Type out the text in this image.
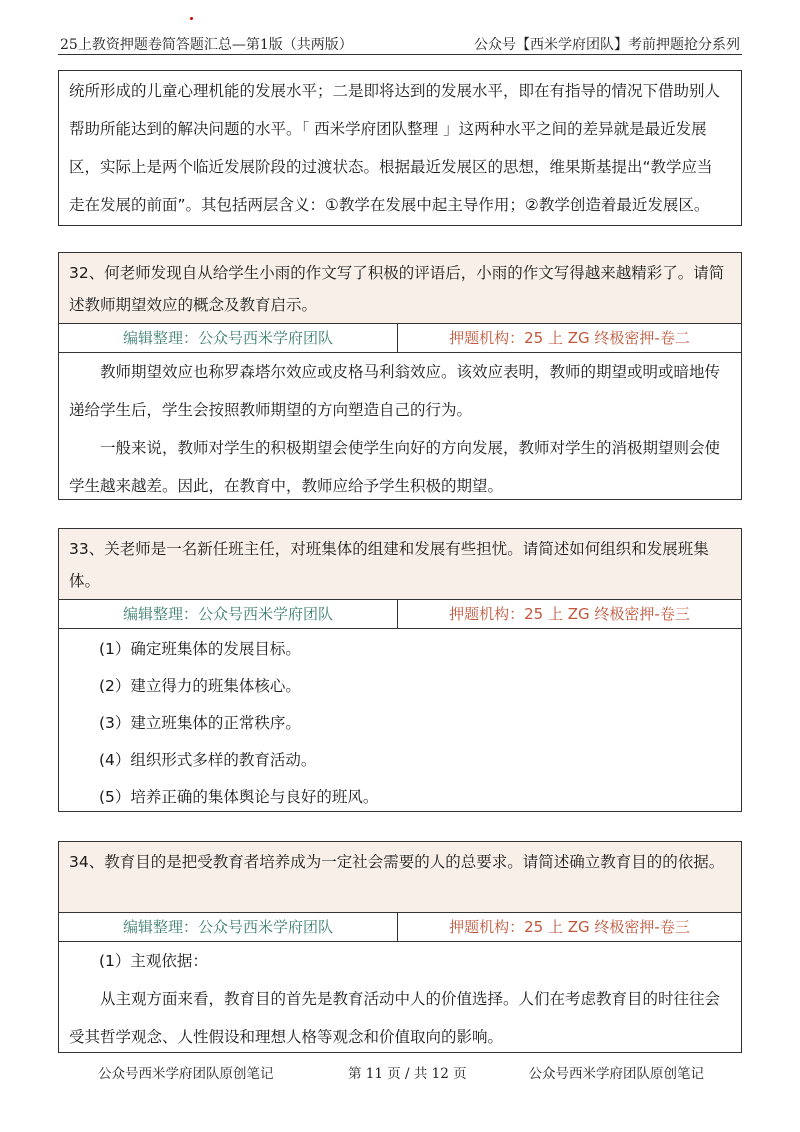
25上教资押题卷简答题汇总—第1版（共两版）	公众号【西米学府团队】考前押题抢分系列
统所形成的儿童心理机能的发展水平；二是即将达到的发展水平，即在有指导的情况下借助别人
帮助所能达到的解决问题的水平。「 西米学府团队整理 」这两种水平之间的差异就是最近发展
区，实际上是两个临近发展阶段的过渡状态。根据最近发展区的思想，维果斯基提出“教学应当
走在发展的前面”。其包括两层含义：①教学在发展中起主导作用；②教学创造着最近发展区。
32、何老师发现自从给学生小雨的作文写了积极的评语后，小雨的作文写得越来越精彩了。请简述教师期望效应的概念及教育启示。
编辑整理：公众号西米学府团队	押题机构：25 上 ZG 终极密押-卷二

教师期望效应也称罗森塔尔效应或皮格马利翁效应。该效应表明，教师的期望或明或暗地传递给学生后，学生会按照教师期望的方向塑造自己的行为。

一般来说，教师对学生的积极期望会使学生向好的方向发展，教师对学生的消极期望则会使学生越来越差。因此，在教育中，教师应给予学生积极的期望。

33、关老师是一名新任班主任，对班集体的组建和发展有些担忧。请简述如何组织和发展班集体。
编辑整理：公众号西米学府团队	押题机构：25 上 ZG 终极密押-卷三

(1）确定班集体的发展目标。

(2）建立得力的班集体核心。

(3）建立班集体的正常秩序。

(4）组织形式多样的教育活动。

(5）培养正确的集体舆论与良好的班风。

34、教育目的是把受教育者培养成为一定社会需要的人的总要求。请简述确立教育目的的依据。
编辑整理：公众号西米学府团队	押题机构：25 上 ZG 终极密押-卷三

(1）主观依据：

从主观方面来看，教育目的首先是教育活动中人的价值选择。人们在考虑教育目的时往往会受其哲学观念、人性假设和理想人格等观念和价值取向的影响。

公众号西米学府团队原创笔记	第 11 页 / 共 12 页	公众号西米学府团队原创笔记
